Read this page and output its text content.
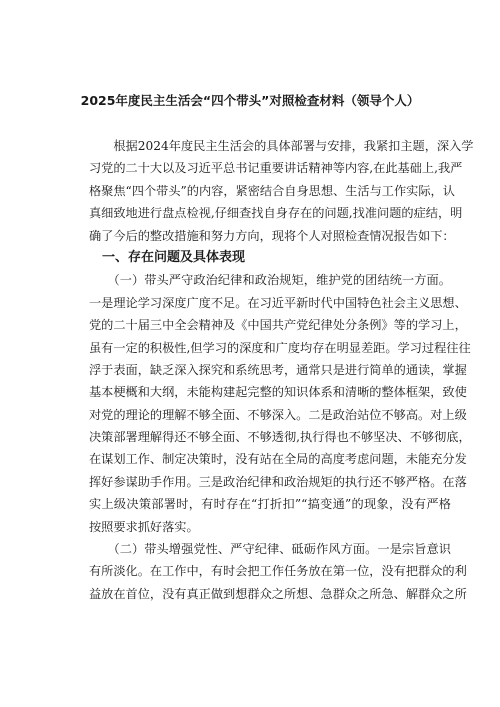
2025年度民主生活会“四个带头”对照检查材料（领导个人）
　　根据2024年度民主生活会的具体部署与安排，我紧扣主题，深入学
习党的二十大以及习近平总书记重要讲话精神等内容,在此基础上,我严
格聚焦“四个带头”的内容，紧密结合自身思想、生活与工作实际，认
真细致地进行盘点检视,仔细查找自身存在的问题,找准问题的症结，明
确了今后的整改措施和努力方向，现将个人对照检查情况报告如下：
　一、存在问题及具体表现
　　（一）带头严守政治纪律和政治规矩，维护党的团结统一方面。
一是理论学习深度广度不足。在习近平新时代中国特色社会主义思想、
党的二十届三中全会精神及《中国共产党纪律处分条例》等的学习上，
虽有一定的积极性,但学习的深度和广度均存在明显差距。学习过程往往
浮于表面，缺乏深入探究和系统思考，通常只是进行简单的通读，掌握
基本梗概和大纲，未能构建起完整的知识体系和清晰的整体框架，致使
对党的理论的理解不够全面、不够深入。二是政治站位不够高。对上级
决策部署理解得还不够全面、不够透彻,执行得也不够坚决、不够彻底，
在谋划工作、制定决策时，没有站在全局的高度考虑问题，未能充分发
挥好参谋助手作用。三是政治纪律和政治规矩的执行还不够严格。在落
实上级决策部署时，有时存在“打折扣”“搞变通”的现象，没有严格
按照要求抓好落实。
　　（二）带头增强党性、严守纪律、砥砺作风方面。一是宗旨意识
有所淡化。在工作中，有时会把工作任务放在第一位，没有把群众的利
益放在首位，没有真正做到想群众之所想、急群众之所急、解群众之所
